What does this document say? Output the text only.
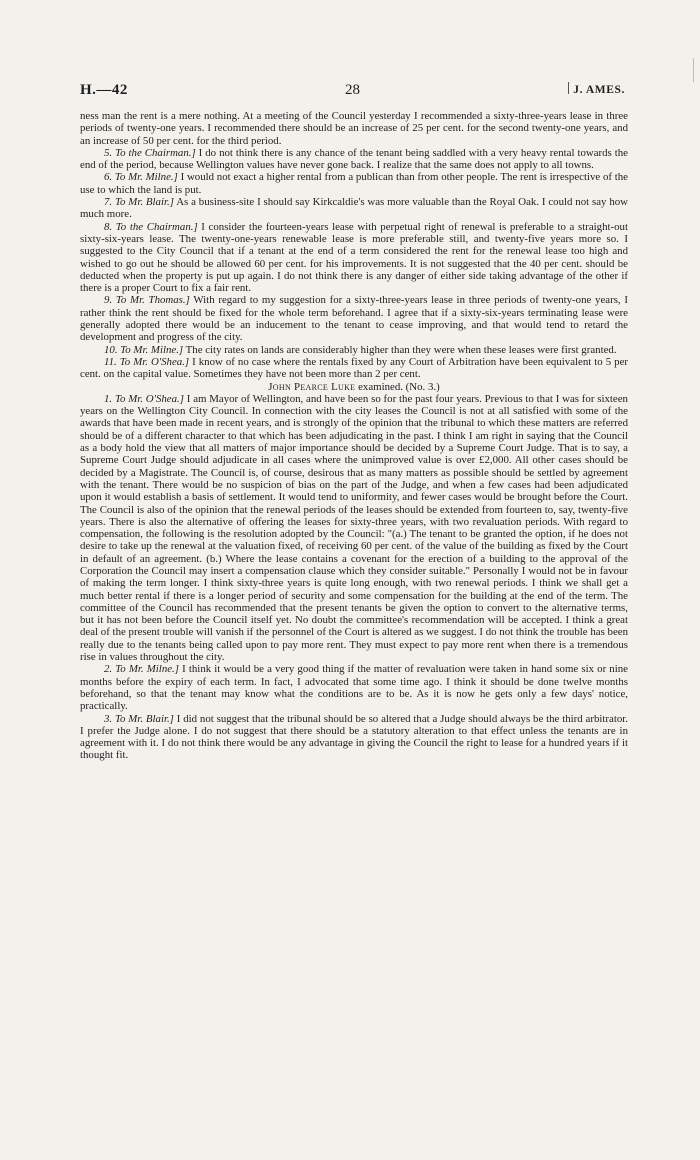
H.—42	28	J. AMES.

ness man the rent is a mere nothing. At a meeting of the Council yesterday I recommended a sixty-three-years lease in three periods of twenty-one years. I recommended there should be an increase of 25 per cent. for the second twenty-one years, and an increase of 50 per cent. for the third period.

5. To the Chairman.] I do not think there is any chance of the tenant being saddled with a very heavy rental towards the end of the period, because Wellington values have never gone back. I realize that the same does not apply to all towns.

6. To Mr. Milne.] I would not exact a higher rental from a publican than from other people. The rent is irrespective of the use to which the land is put.

7. To Mr. Blair.] As a business-site I should say Kirkcaldie's was more valuable than the Royal Oak. I could not say how much more.

8. To the Chairman.] I consider the fourteen-years lease with perpetual right of renewal is preferable to a straight-out sixty-six-years lease. The twenty-one-years renewable lease is more preferable still, and twenty-five years more so. I suggested to the City Council that if a tenant at the end of a term considered the rent for the renewal lease too high and wished to go out he should be allowed 60 per cent. for his improvements. It is not suggested that the 40 per cent. should be deducted when the property is put up again. I do not think there is any danger of either side taking advantage of the other if there is a proper Court to fix a fair rent.

9. To Mr. Thomas.] With regard to my suggestion for a sixty-three-years lease in three periods of twenty-one years, I rather think the rent should be fixed for the whole term beforehand. I agree that if a sixty-six-years terminating lease were generally adopted there would be an inducement to the tenant to cease improving, and that would tend to retard the development and progress of the city.

10. To Mr. Milne.] The city rates on lands are considerably higher than they were when these leases were first granted.

11. To Mr. O'Shea.] I know of no case where the rentals fixed by any Court of Arbitration have been equivalent to 5 per cent. on the capital value. Sometimes they have not been more than 2 per cent.

John Pearce Luke examined. (No. 3.)

1. To Mr. O'Shea.] I am Mayor of Wellington, and have been so for the past four years. Previous to that I was for sixteen years on the Wellington City Council. In connection with the city leases the Council is not at all satisfied with some of the awards that have been made in recent years, and is strongly of the opinion that the tribunal to which these matters are referred should be of a different character to that which has been adjudicating in the past. I think I am right in saying that the Council as a body hold the view that all matters of major importance should be decided by a Supreme Court Judge. That is to say, a Supreme Court Judge should adjudicate in all cases where the unimproved value is over £2,000. All other cases should be decided by a Magistrate. The Council is, of course, desirous that as many matters as possible should be settled by agreement with the tenant. There would be no suspicion of bias on the part of the Judge, and when a few cases had been adjudicated upon it would establish a basis of settlement. It would tend to uniformity, and fewer cases would be brought before the Court. The Council is also of the opinion that the renewal periods of the leases should be extended from fourteen to, say, twenty-five years. There is also the alternative of offering the leases for sixty-three years, with two revaluation periods. With regard to compensation, the following is the resolution adopted by the Council: "(a.) The tenant to be granted the option, if he does not desire to take up the renewal at the valuation fixed, of receiving 60 per cent. of the value of the building as fixed by the Court in default of an agreement. (b.) Where the lease contains a covenant for the erection of a building to the approval of the Corporation the Council may insert a compensation clause which they consider suitable." Personally I would not be in favour of making the term longer. I think sixty-three years is quite long enough, with two renewal periods. I think we shall get a much better rental if there is a longer period of security and some compensation for the building at the end of the term. The committee of the Council has recommended that the present tenants be given the option to convert to the alternative terms, but it has not been before the Council itself yet. No doubt the committee's recommendation will be accepted. I think a great deal of the present trouble will vanish if the personnel of the Court is altered as we suggest. I do not think the trouble has been really due to the tenants being called upon to pay more rent. They must expect to pay more rent when there is a tremendous rise in values throughout the city.

2. To Mr. Milne.] I think it would be a very good thing if the matter of revaluation were taken in hand some six or nine months before the expiry of each term. In fact, I advocated that some time ago. I think it should be done twelve months beforehand, so that the tenant may know what the conditions are to be. As it is now he gets only a few days' notice, practically.

3. To Mr. Blair.] I did not suggest that the tribunal should be so altered that a Judge should always be the third arbitrator. I prefer the Judge alone. I do not suggest that there should be a statutory alteration to that effect unless the tenants are in agreement with it. I do not think there would be any advantage in giving the Council the right to lease for a hundred years if it thought fit.
